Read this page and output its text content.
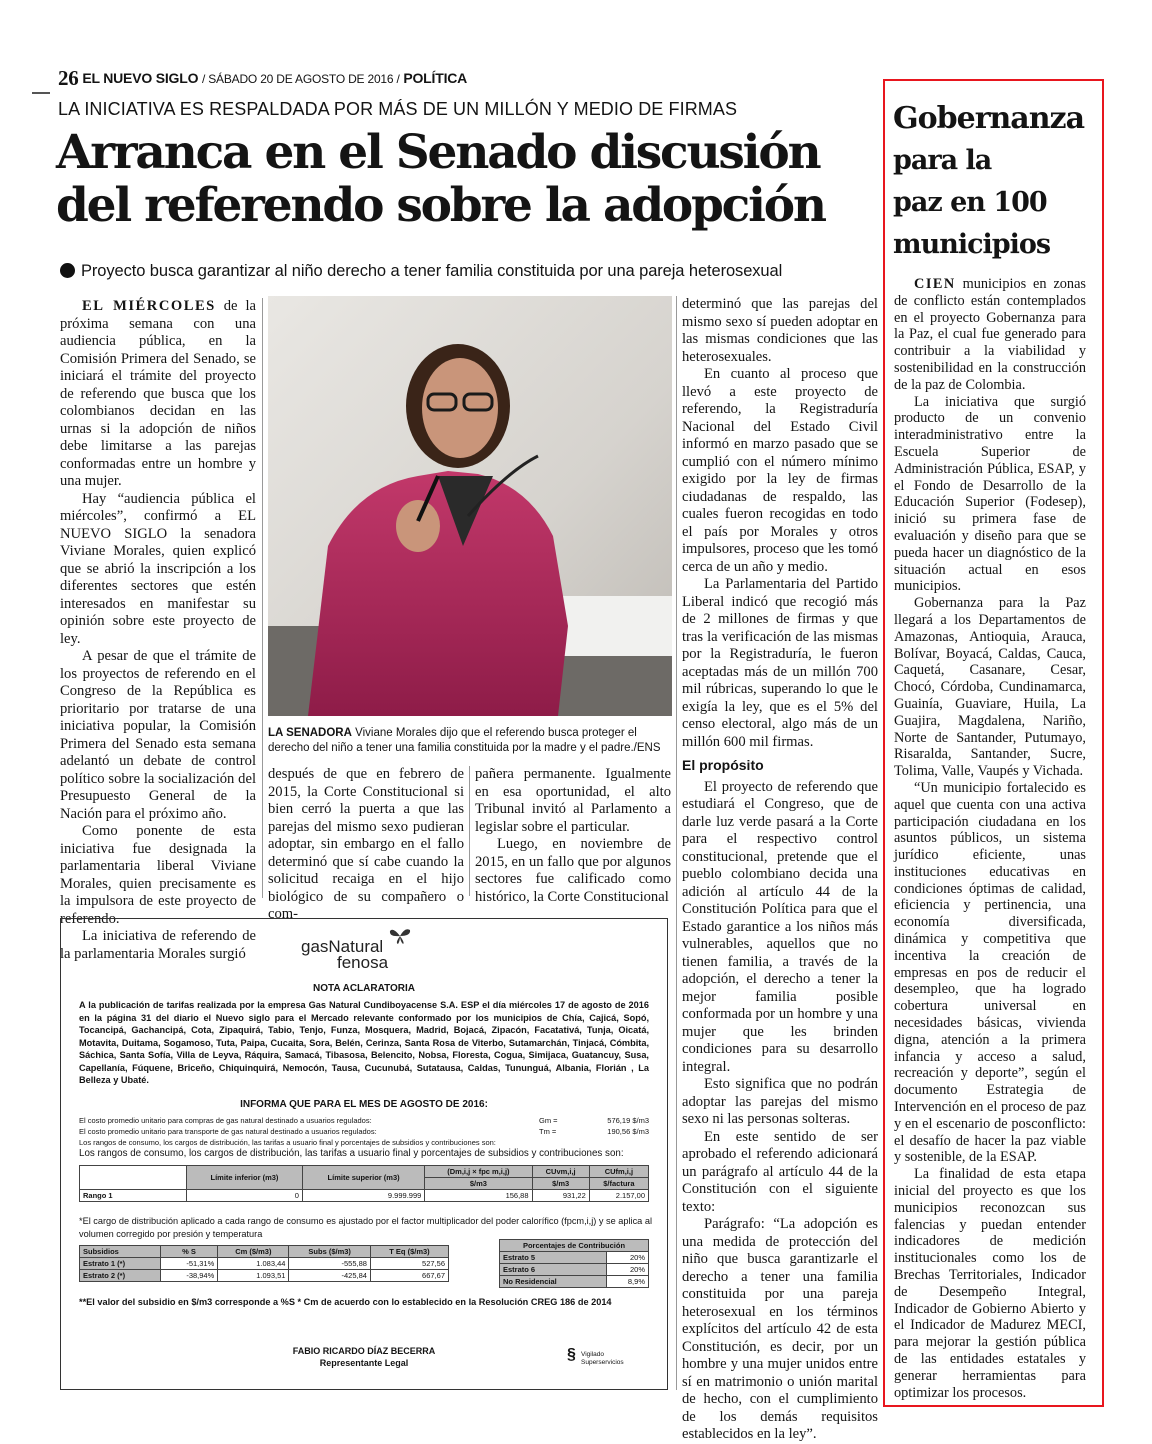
26 EL NUEVO SIGLO / SÁBADO 20 DE AGOSTO DE 2016 / POLÍTICA
LA INICIATIVA ES RESPALDADA POR MÁS DE UN MILLÓN Y MEDIO DE FIRMAS
Arranca en el Senado discusión
del referendo sobre la adopción
Proyecto busca garantizar al niño derecho a tener familia constituida por una pareja heterosexual

EL MIÉRCOLES de la próxima semana con una audiencia pública, en la Comisión Primera del Senado, se iniciará el trámite del proyecto de referendo que busca que los colombianos decidan en las urnas si la adopción de niños debe limitarse a las parejas conformadas entre un hombre y una mujer.

Hay “audiencia pública el miércoles”, confirmó a EL NUEVO SIGLO la senadora Viviane Morales, quien explicó que se abrió la inscripción a los diferentes sectores que estén interesados en manifestar su opinión sobre este proyecto de ley.

A pesar de que el trámite de los proyectos de referendo en el Congreso de la República es prioritario por tratarse de una iniciativa popular, la Comisión Primera del Senado esta semana adelantó un debate de control político sobre la socialización del Presupuesto General de la Nación para el próximo año.

Como ponente de esta iniciativa fue designada la parlamentaria liberal Viviane Morales, quien precisamente es la impulsora de este proyecto de referendo.

La iniciativa de referendo de la parlamentaria Morales surgió

LA SENADORA Viviane Morales dijo que el referendo busca proteger el derecho del niño a tener una familia constituida por la madre y el padre./ENS

después de que en febrero de 2015, la Corte Constitucional si bien cerró la puerta a que las parejas del mismo sexo pudieran adoptar, sin embargo en el fallo determinó que sí cabe cuando la solicitud recaiga en el hijo biológico de su compañero o com-

pañera permanente. Igualmente en esa oportunidad, el alto Tribunal invitó al Parlamento a legislar sobre el particular.

Luego, en noviembre de 2015, en un fallo que por algunos sectores fue calificado como histórico, la Corte Constitucional

determinó que las parejas del mismo sexo sí pueden adoptar en las mismas condiciones que las heterosexuales.

En cuanto al proceso que llevó a este proyecto de referendo, la Registraduría Nacional del Estado Civil informó en marzo pasado que se cumplió con el número mínimo exigido por la ley de firmas ciudadanas de respaldo, las cuales fueron recogidas en todo el país por Morales y otros impulsores, proceso que les tomó cerca de un año y medio.

La Parlamentaria del Partido Liberal indicó que recogió más de 2 millones de firmas y que tras la verificación de las mismas por la Registraduría, le fueron aceptadas más de un millón 700 mil rúbricas, superando lo que le exigía la ley, que es el 5% del censo electoral, algo más de un millón 600 mil firmas.

El propósito

El proyecto de referendo que estudiará el Congreso, que de darle luz verde pasará a la Corte para el respectivo control constitucional, pretende que el pueblo colombiano decida una adición al artículo 44 de la Constitución Política para que el Estado garantice a los niños más vulnerables, aquellos que no tienen familia, a través de la adopción, el derecho a tener la mejor familia posible conformada por un hombre y una mujer que les brinden condiciones para su desarrollo integral.

Esto significa que no podrán adoptar las parejas del mismo sexo ni las personas solteras.

En este sentido de ser aprobado el referendo adicionará un parágrafo al artículo 44 de la Constitución con el siguiente texto:

Parágrafo: “La adopción es una medida de protección del niño que busca garantizarle el derecho a tener una familia constituida por una pareja heterosexual en los términos explícitos del artículo 42 de esta Constitución, es decir, por un hombre y una mujer unidos entre sí en matrimonio o unión marital de hecho, con el cumplimiento de los demás requisitos establecidos en la ley”.

gasNatural
fenosa
NOTA ACLARATORIA
A la publicación de tarifas realizada por la empresa Gas Natural Cundiboyacense S.A. ESP el día miércoles 17 de agosto de 2016 en la página 31 del diario el Nuevo siglo para el Mercado relevante conformado por los municipios de Chía, Cajicá, Sopó, Tocancipá, Gachancipá, Cota, Zipaquirá, Tabio, Tenjo, Funza, Mosquera, Madrid, Bojacá, Zipacón, Facatativá, Tunja, Oicatá, Motavita, Duitama, Sogamoso, Tuta, Paipa, Cucaita, Sora, Belén, Cerinza, Santa Rosa de Viterbo, Sutamarchán, Tinjacá, Cómbita, Sáchica, Santa Sofía, Villa de Leyva, Ráquira, Samacá, Tibasosa, Belencito, Nobsa, Floresta, Cogua, Simijaca, Guatancuy, Susa, Capellanía, Fúquene, Briceño, Chiquinquirá, Nemocón, Tausa, Cucunubá, Sutatausa, Caldas, Tununguá, Albania, Florián , La Belleza y Ubaté.
INFORMA QUE PARA EL MES DE AGOSTO DE 2016:
El costo promedio unitario para compras de gas natural destinado a usuarios regulados:	Gm =	576,19 $/m3
El costo promedio unitario para transporte de gas natural destinado a usuarios regulados:	Tm =	190,56 $/m3
Los rangos de consumo, los cargos de distribución, las tarifas a usuario final y porcentajes de subsidios y contribuciones son:
Los rangos de consumo, los cargos de distribución, las tarifas a usuario final y porcentajes de subsidios y contribuciones son:
	Límite inferior (m3)	Límite superior (m3)	(Dm,i,j × fpc m,i,j)	CUvm,i,j	CUfm,i,j
			$/m3	$/m3	$/factura
Rango 1	0	9.999.999	156,88	931,22	2.157,00
*El cargo de distribución aplicado a cada rango de consumo es ajustado por el factor multiplicador del poder calorífico (fpcm,i,j) y se aplica al volumen corregido por presión y temperatura
Subsidios	% S	Cm ($/m3)	Subs ($/m3)	T Eq ($/m3)
Estrato 1 (*)	-51,31%	1.083,44	-555,88	527,56
Estrato 2 (*)	-38,94%	1.093,51	-425,84	667,67
Porcentajes de Contribución	
Estrato 5	20%
Estrato 6	20%
No Residencial	8,9%
**El valor del subsidio en $/m3 corresponde a %S * Cm de acuerdo con lo establecido en la Resolución CREG 186 de 2014
FABIO RICARDO DÍAZ BECERRA
Representante Legal	§ Vigilado
Superservicios
Gobernanza
para la
paz en 100
municipios

CIEN municipios en zonas de conflicto están contemplados en el proyecto Gobernanza para la Paz, el cual fue generado para contribuir a la viabilidad y sostenibilidad en la construcción de la paz de Colombia.

La iniciativa que surgió producto de un convenio interadministrativo entre la Escuela Superior de Administración Pública, ESAP, y el Fondo de Desarrollo de la Educación Superior (Fodesep), inició su primera fase de evaluación y diseño para que se pueda hacer un diagnóstico de la situación actual en esos municipios.

Gobernanza para la Paz llegará a los Departamentos de Amazonas, Antioquia, Arauca, Bolívar, Boyacá, Caldas, Cauca, Caquetá, Casanare, Cesar, Chocó, Córdoba, Cundinamarca, Guainía, Guaviare, Huila, La Guajira, Magdalena, Nariño, Norte de Santander, Putumayo, Risaralda, Santander, Sucre, Tolima, Valle, Vaupés y Vichada.

“Un municipio fortalecido es aquel que cuenta con una activa participación ciudadana en los asuntos públicos, un sistema jurídico eficiente, unas instituciones educativas en condiciones óptimas de calidad, eficiencia y pertinencia, una economía diversificada, dinámica y competitiva que incentiva la creación de empresas en pos de reducir el desempleo, que ha logrado cobertura universal en necesidades básicas, vivienda digna, atención a la primera infancia y acceso a salud, recreación y deporte”, según el documento Estrategia de Intervención en el proceso de paz y en el escenario de posconflicto: el desafío de hacer la paz viable y sostenible, de la ESAP.

La finalidad de esta etapa inicial del proyecto es que los municipios reconozcan sus falencias y puedan entender indicadores de medición institucionales como los de Brechas Territoriales, Indicador de Desempeño Integral, Indicador de Gobierno Abierto y el Indicador de Madurez MECI, para mejorar la gestión pública de las entidades estatales y generar herramientas para optimizar los procesos.
